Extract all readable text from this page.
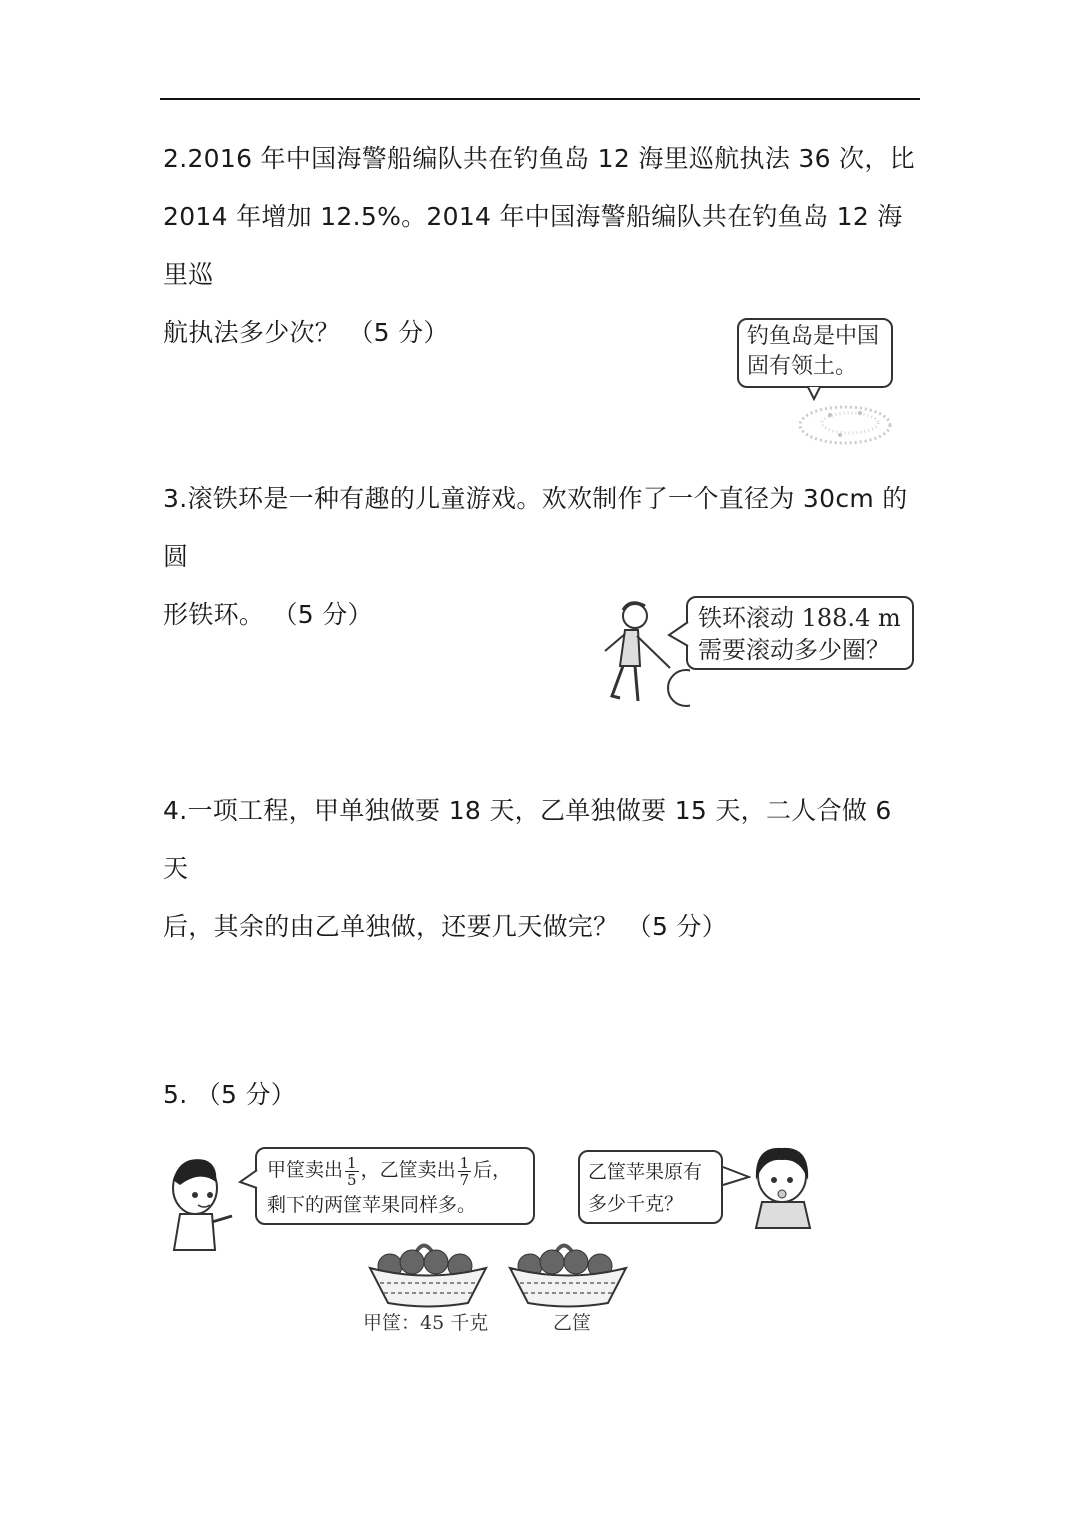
2.2016 年中国海警船编队共在钓鱼岛 12 海里巡航执法 36 次，比
2014 年增加 12.5%。2014 年中国海警船编队共在钓鱼岛 12 海里巡
航执法多少次？ （5 分）	钓鱼岛是中国
固有领土。
3.滚铁环是一种有趣的儿童游戏。欢欢制作了一个直径为 30cm 的圆
形铁环。 （5 分）	铁环滚动 188.4 m
需要滚动多少圈？
4.一项工程，甲单独做要 18 天，乙单独做要 15 天，二人合做 6 天
后，其余的由乙单独做，还要几天做完？ （5 分）
5. （5 分）
甲筐卖出 $\frac{1}{5}$ ，乙筐卖出 $\frac{1}{7}$ 后，
剩下的两筐苹果同样多。
乙筐苹果原有
多少千克？
甲筐：45 千克	乙筐
